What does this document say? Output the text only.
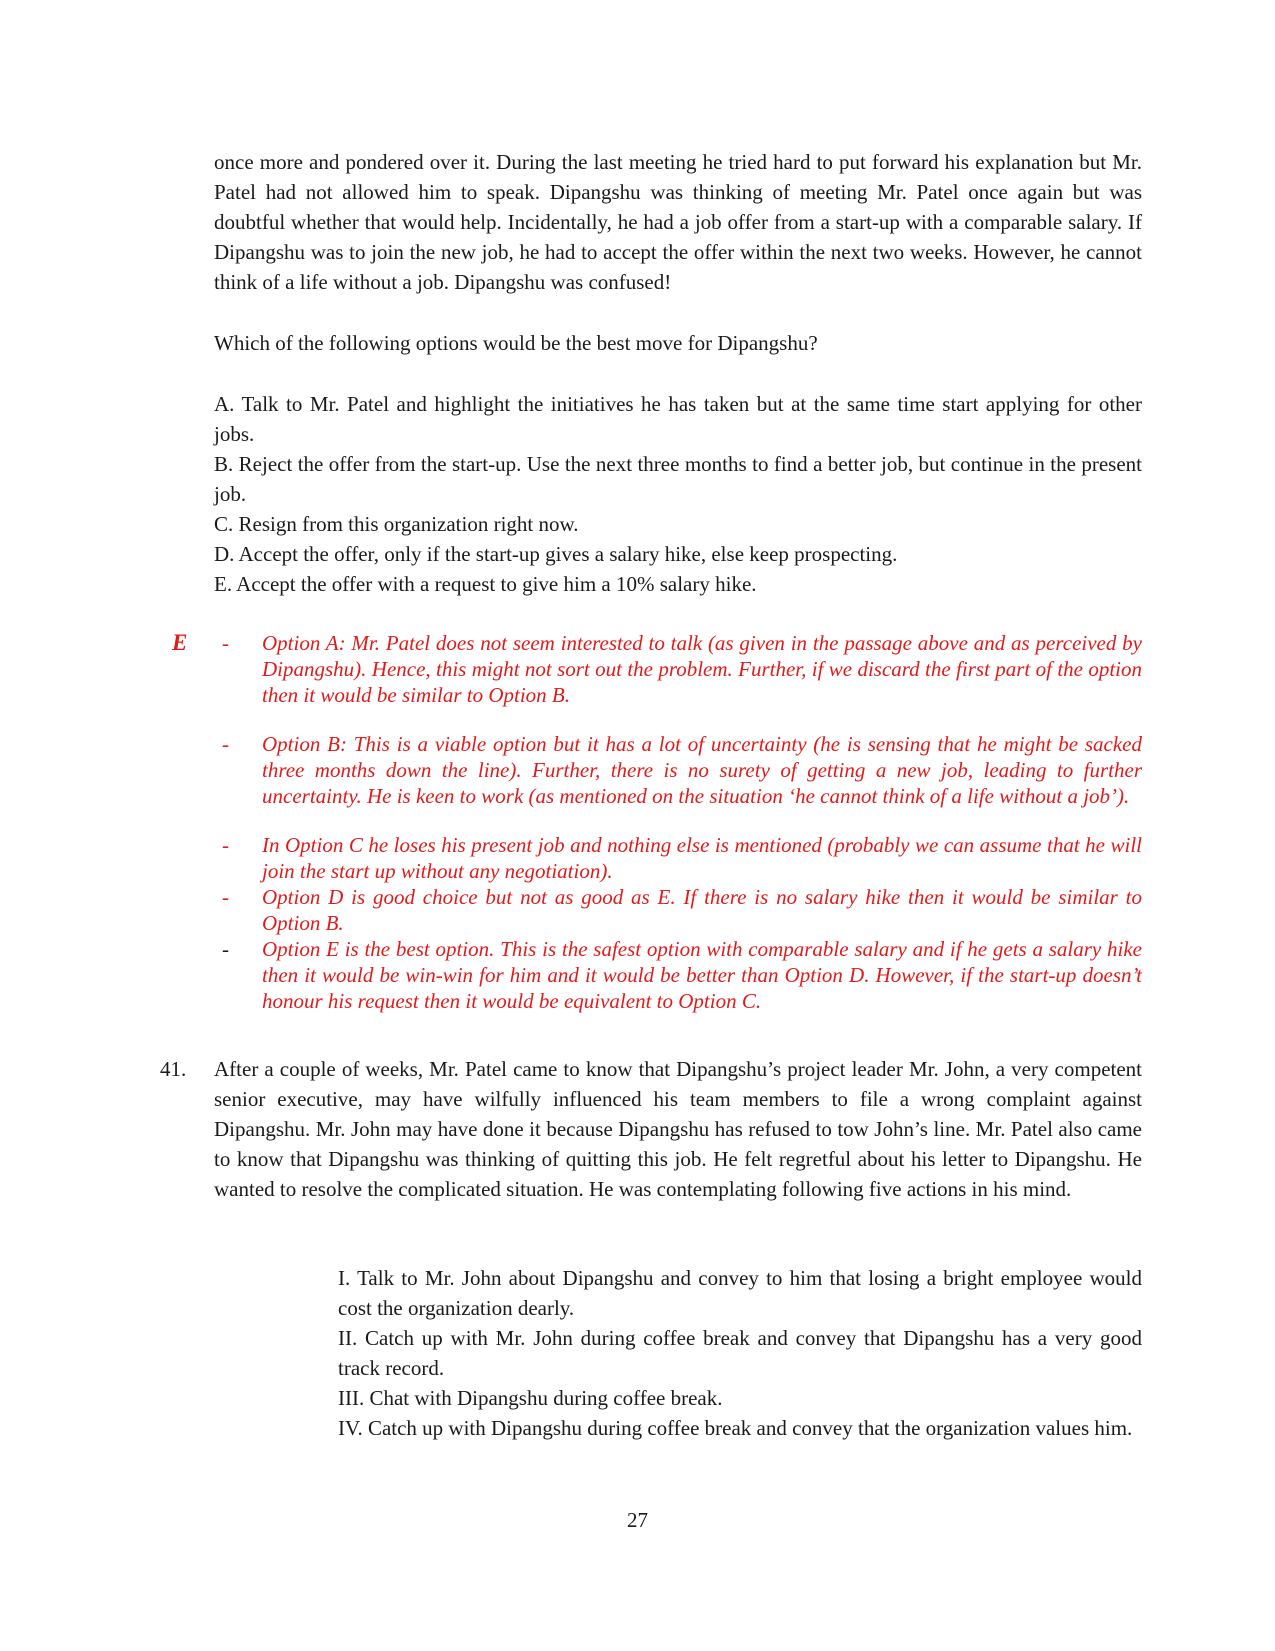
once more and pondered over it. During the last meeting he tried hard to put forward his explanation but Mr. Patel had not allowed him to speak. Dipangshu was thinking of meeting Mr. Patel once again but was doubtful whether that would help. Incidentally, he had a job offer from a start-up with a comparable salary. If Dipangshu was to join the new job, he had to accept the offer within the next two weeks. However, he cannot think of a life without a job. Dipangshu was confused!

Which of the following options would be the best move for Dipangshu?

A. Talk to Mr. Patel and highlight the initiatives he has taken but at the same time start applying for other jobs.

B. Reject the offer from the start-up. Use the next three months to find a better job, but continue in the present job.

C. Resign from this organization right now.

D. Accept the offer, only if the start-up gives a salary hike, else keep prospecting.

E. Accept the offer with a request to give him a 10% salary hike.

E - Option A: Mr. Patel does not seem interested to talk (as given in the passage above and as perceived by Dipangshu). Hence, this might not sort out the problem. Further, if we discard the first part of the option then it would be similar to Option B.
- Option B: This is a viable option but it has a lot of uncertainty (he is sensing that he might be sacked three months down the line). Further, there is no surety of getting a new job, leading to further uncertainty. He is keen to work (as mentioned on the situation ‘he cannot think of a life without a job’).
- In Option C he loses his present job and nothing else is mentioned (probably we can assume that he will join the start up without any negotiation).
- Option D is good choice but not as good as E. If there is no salary hike then it would be similar to Option B.
- Option E is the best option. This is the safest option with comparable salary and if he gets a salary hike then it would be win-win for him and it would be better than Option D. However, if the start-up doesn’t honour his request then it would be equivalent to Option C.
41. After a couple of weeks, Mr. Patel came to know that Dipangshu’s project leader Mr. John, a very competent senior executive, may have wilfully influenced his team members to file a wrong complaint against Dipangshu. Mr. John may have done it because Dipangshu has refused to tow John’s line. Mr. Patel also came to know that Dipangshu was thinking of quitting this job. He felt regretful about his letter to Dipangshu. He wanted to resolve the complicated situation. He was contemplating following five actions in his mind.

I. Talk to Mr. John about Dipangshu and convey to him that losing a bright employee would cost the organization dearly.

II. Catch up with Mr. John during coffee break and convey that Dipangshu has a very good track record.

III. Chat with Dipangshu during coffee break.

IV. Catch up with Dipangshu during coffee break and convey that the organization values him.

27
